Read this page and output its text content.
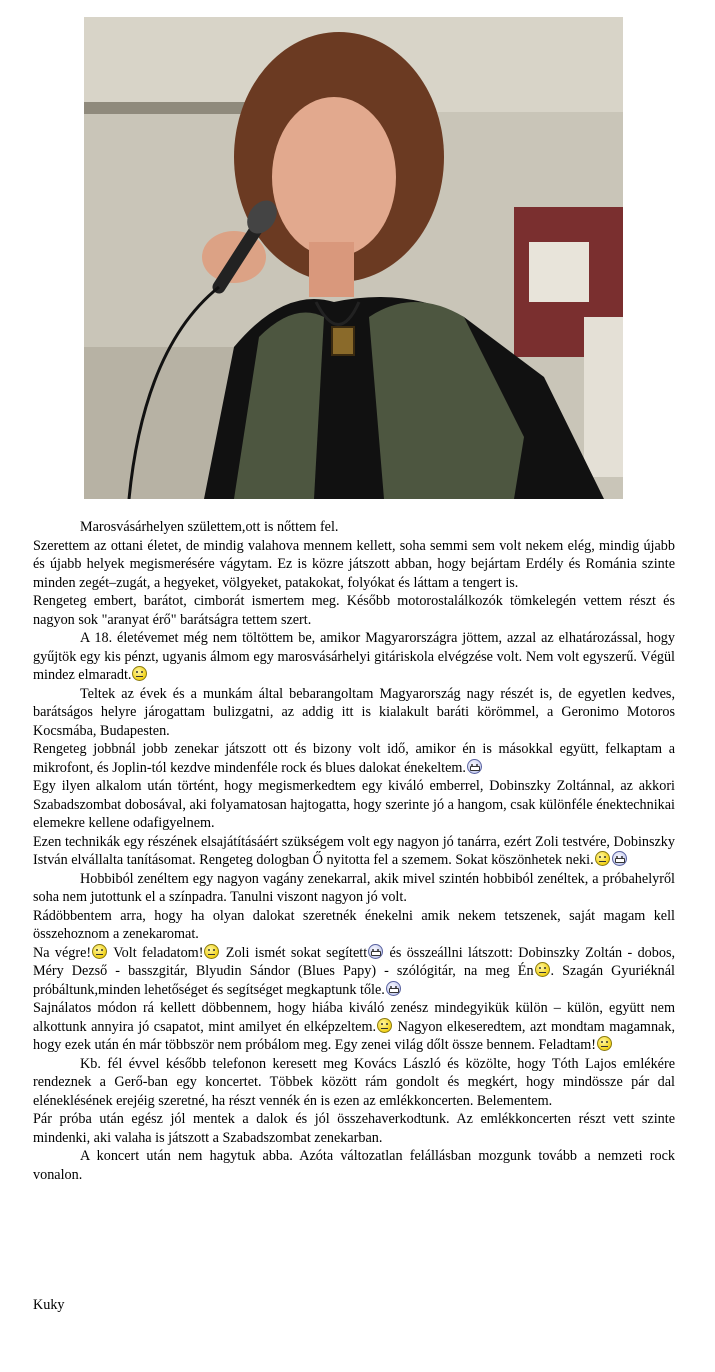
Marosvásárhelyen születtem,ott is nőttem fel.

Szerettem az ottani életet, de mindig valahova mennem kellett, soha semmi sem volt nekem elég, mindig újabb és újabb helyek megismerésére vágytam. Ez is közre játszott abban, hogy bejártam Erdély és Románia szinte minden zegét–zugát, a hegyeket, völgyeket, patakokat, folyókat és láttam a tengert is.

Rengeteg embert, barátot, cimborát ismertem meg. Később motorostalálkozók tömkelegén vettem részt és nagyon sok "aranyat érő" barátságra tettem szert.

A 18. életévemet még nem töltöttem be, amikor Magyarországra jöttem, azzal az elhatározással, hogy gyűjtök egy kis pénzt, ugyanis álmom egy marosvásárhelyi gitáriskola elvégzése volt. Nem volt egyszerű. Végül mindez elmaradt.

Teltek az évek és a munkám által bebarangoltam Magyarország nagy részét is, de egyetlen kedves, barátságos helyre járogattam bulizgatni, az addig itt is kialakult baráti körömmel, a Geronimo Motoros Kocsmába, Budapesten.

Rengeteg jobbnál jobb zenekar játszott ott és bizony volt idő, amikor én is másokkal együtt, felkaptam a mikrofont, és Joplin-tól kezdve mindenféle rock és blues dalokat énekeltem.

Egy ilyen alkalom után történt, hogy megismerkedtem egy kiváló emberrel, Dobinszky Zoltánnal, az akkori Szabadszombat dobosával, aki folyamatosan hajtogatta, hogy szerinte jó a hangom, csak különféle énektechnikai elemekre kellene odafigyelnem.

Ezen technikák egy részének elsajátításáért szükségem volt egy nagyon jó tanárra, ezért Zoli testvére, Dobinszky István elvállalta tanításomat. Rengeteg dologban Ő nyitotta fel a szemem. Sokat köszönhetek neki.

Hobbiból zenéltem egy nagyon vagány zenekarral, akik mivel szintén hobbiból zenéltek, a próbahelyről soha nem jutottunk el a színpadra. Tanulni viszont nagyon jó volt.

Rádöbbentem arra, hogy ha olyan dalokat szeretnék énekelni amik nekem tetszenek, saját magam kell összehoznom a zenekaromat.

Na végre! Volt feladatom! Zoli ismét sokat segített és összeállni látszott: Dobinszky Zoltán - dobos, Méry Dezső - basszgitár, Blyudin Sándor (Blues Papy) - szólógitár, na meg Én . Szagán Gyuriéknál próbáltunk,minden lehetőséget és segítséget megkaptunk tőle.

Sajnálatos módon rá kellett döbbennem, hogy hiába kiváló zenész mindegyikük külön – külön, együtt nem alkottunk annyira jó csapatot, mint amilyet én elképzeltem. Nagyon elkeseredtem, azt mondtam magamnak, hogy ezek után én már többször nem próbálom meg. Egy zenei világ dőlt össze bennem. Feladtam!

Kb. fél évvel később telefonon keresett meg Kovács László és közölte, hogy Tóth Lajos emlékére rendeznek a Gerő-ban egy koncertet. Többek között rám gondolt és megkért, hogy mindössze pár dal eléneklésének erejéig szeretné, ha részt vennék én is ezen az emlékkoncerten. Belementem.

Pár próba után egész jól mentek a dalok és jól összehaverkodtunk. Az emlékkoncerten részt vett szinte mindenki, aki valaha is játszott a Szabadszombat zenekarban.

A koncert után nem hagytuk abba. Azóta változatlan felállásban mozgunk tovább a nemzeti rock vonalon.

Kuky
